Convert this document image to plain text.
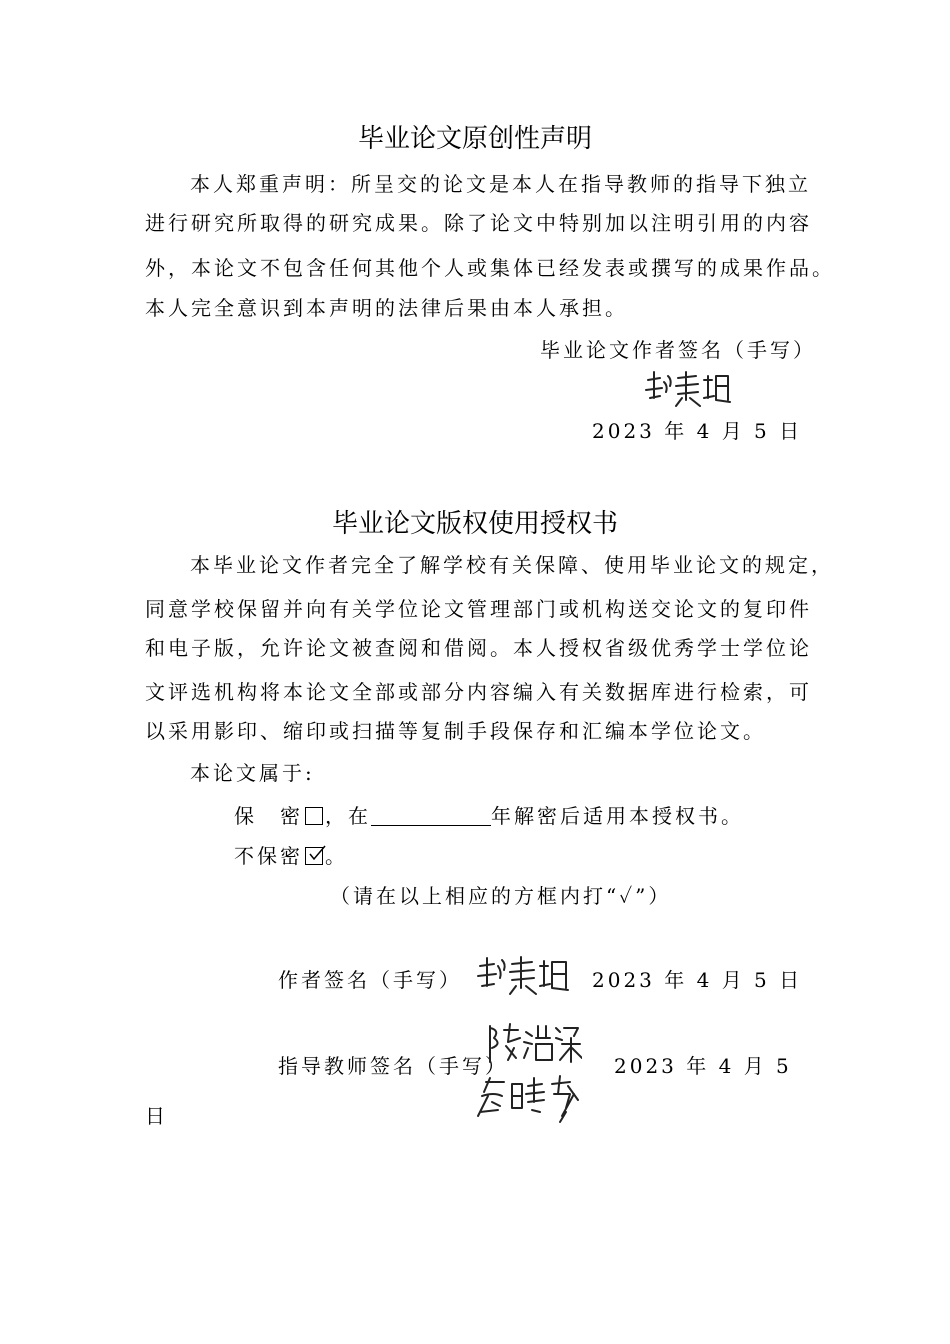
毕业论文原创性声明
本人郑重声明：所呈交的论文是本人在指导教师的指导下独立
进行研究所取得的研究成果。除了论文中特别加以注明引用的内容
外，本论文不包含任何其他个人或集体已经发表或撰写的成果作品。
本人完全意识到本声明的法律后果由本人承担。
毕业论文作者签名（手写）
2023 年 4 月 5 日
毕业论文版权使用授权书
本毕业论文作者完全了解学校有关保障、使用毕业论文的规定，
同意学校保留并向有关学位论文管理部门或机构送交论文的复印件
和电子版，允许论文被查阅和借阅。本人授权省级优秀学士学位论
文评选机构将本论文全部或部分内容编入有关数据库进行检索，可
以采用影印、缩印或扫描等复制手段保存和汇编本学位论文。
本论文属于:
保　密 ，在	年解密后适用本授权书。
不保密 。
（请在以上相应的方框内打“✓”）
作者签名（手写）	2023 年 4 月 5 日
指导教师签名（手写）	2023 年 4 月 5
日
